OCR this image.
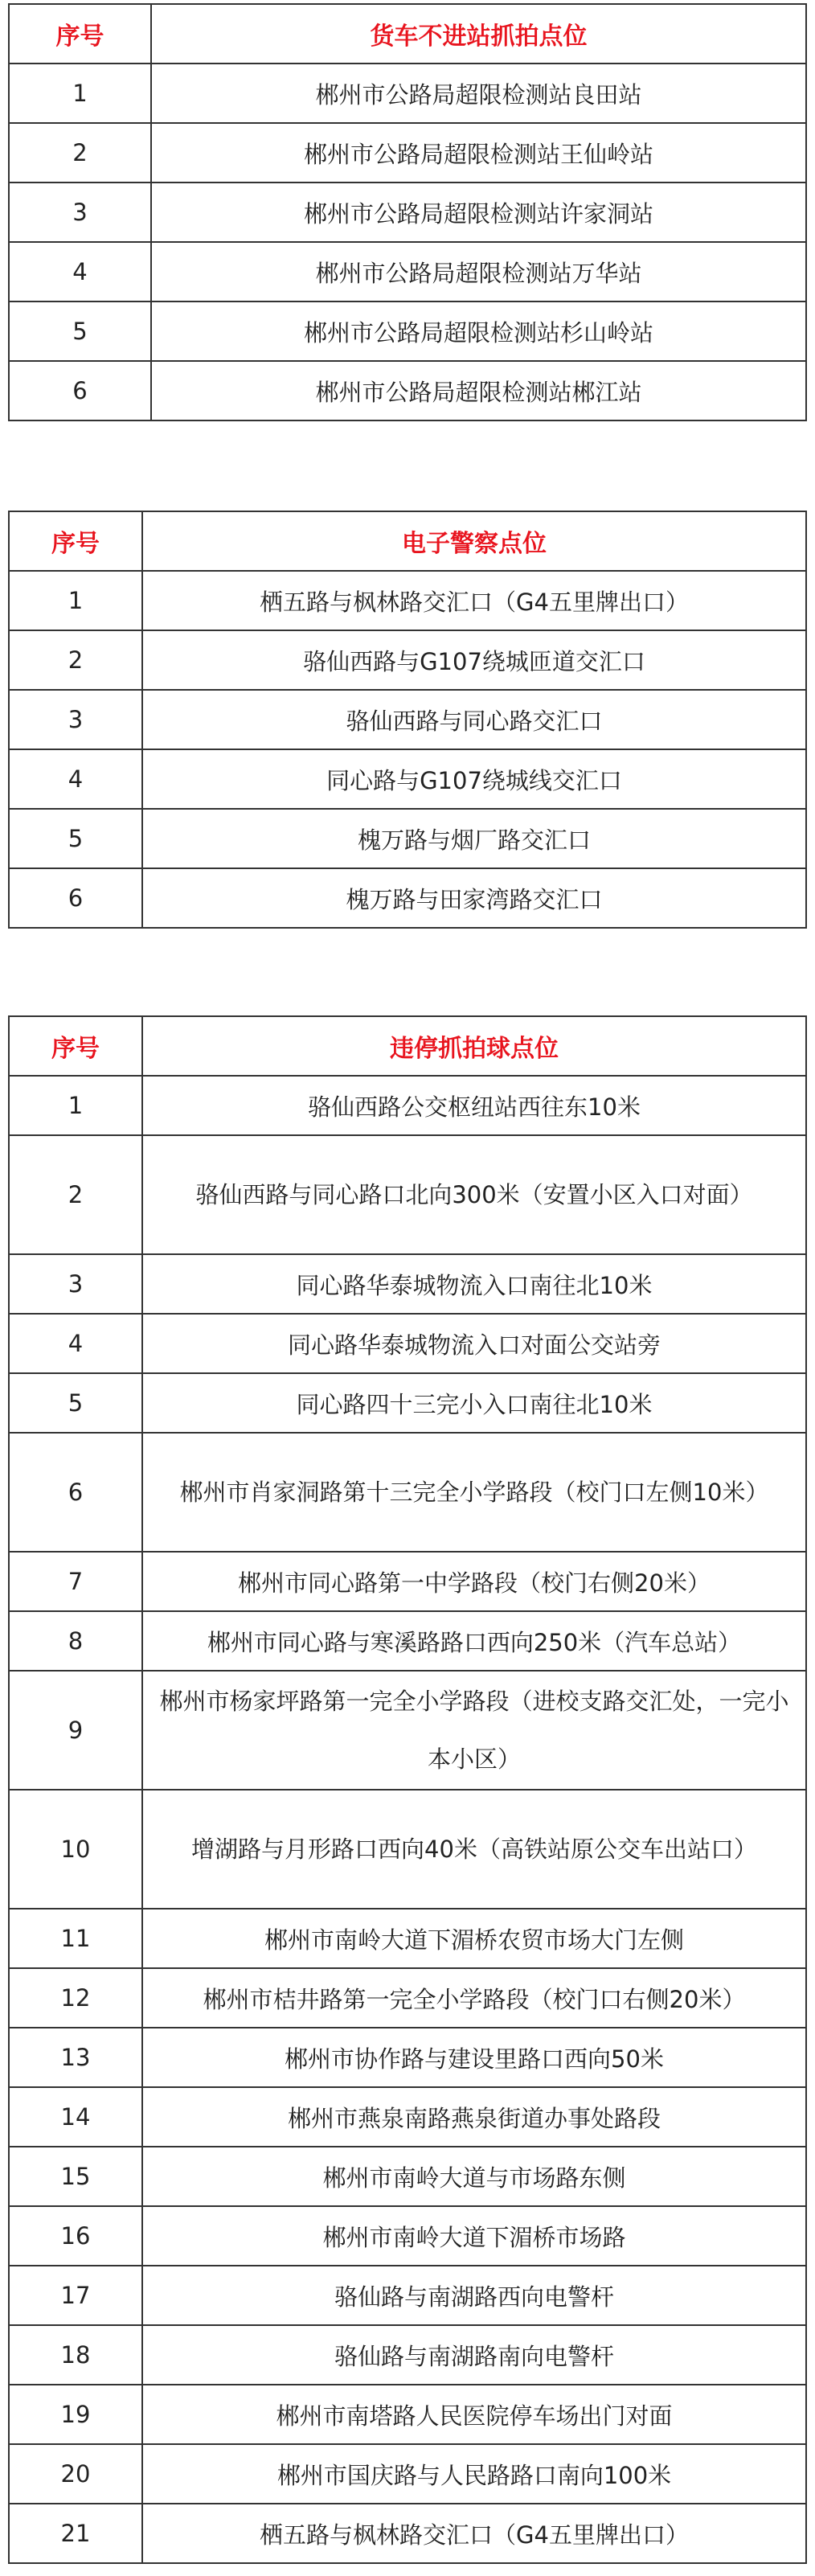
序号	货车不进站抓拍点位
1	郴州市公路局超限检测站良田站
2	郴州市公路局超限检测站王仙岭站
3	郴州市公路局超限检测站许家洞站
4	郴州市公路局超限检测站万华站
5	郴州市公路局超限检测站杉山岭站
6	郴州市公路局超限检测站郴江站
序号	电子警察点位
1	栖五路与枫林路交汇口（G4五里牌出口）
2	骆仙西路与G107绕城匝道交汇口
3	骆仙西路与同心路交汇口
4	同心路与G107绕城线交汇口
5	槐万路与烟厂路交汇口
6	槐万路与田家湾路交汇口
序号	违停抓拍球点位
1	骆仙西路公交枢纽站西往东10米
2	骆仙西路与同心路口北向300米（安置小区入口对面）
3	同心路华泰城物流入口南往北10米
4	同心路华泰城物流入口对面公交站旁
5	同心路四十三完小入口南往北10米
6	郴州市肖家洞路第十三完全小学路段（校门口左侧10米）
7	郴州市同心路第一中学路段（校门右侧20米）
8	郴州市同心路与寒溪路路口西向250米（汽车总站）
9	郴州市杨家坪路第一完全小学路段（进校支路交汇处，一完小本小区）
10	增湖路与月形路口西向40米（高铁站原公交车出站口）
11	郴州市南岭大道下湄桥农贸市场大门左侧
12	郴州市桔井路第一完全小学路段（校门口右侧20米）
13	郴州市协作路与建设里路口西向50米
14	郴州市燕泉南路燕泉街道办事处路段
15	郴州市南岭大道与市场路东侧
16	郴州市南岭大道下湄桥市场路
17	骆仙路与南湖路西向电警杆
18	骆仙路与南湖路南向电警杆
19	郴州市南塔路人民医院停车场出门对面
20	郴州市国庆路与人民路路口南向100米
21	栖五路与枫林路交汇口（G4五里牌出口）
